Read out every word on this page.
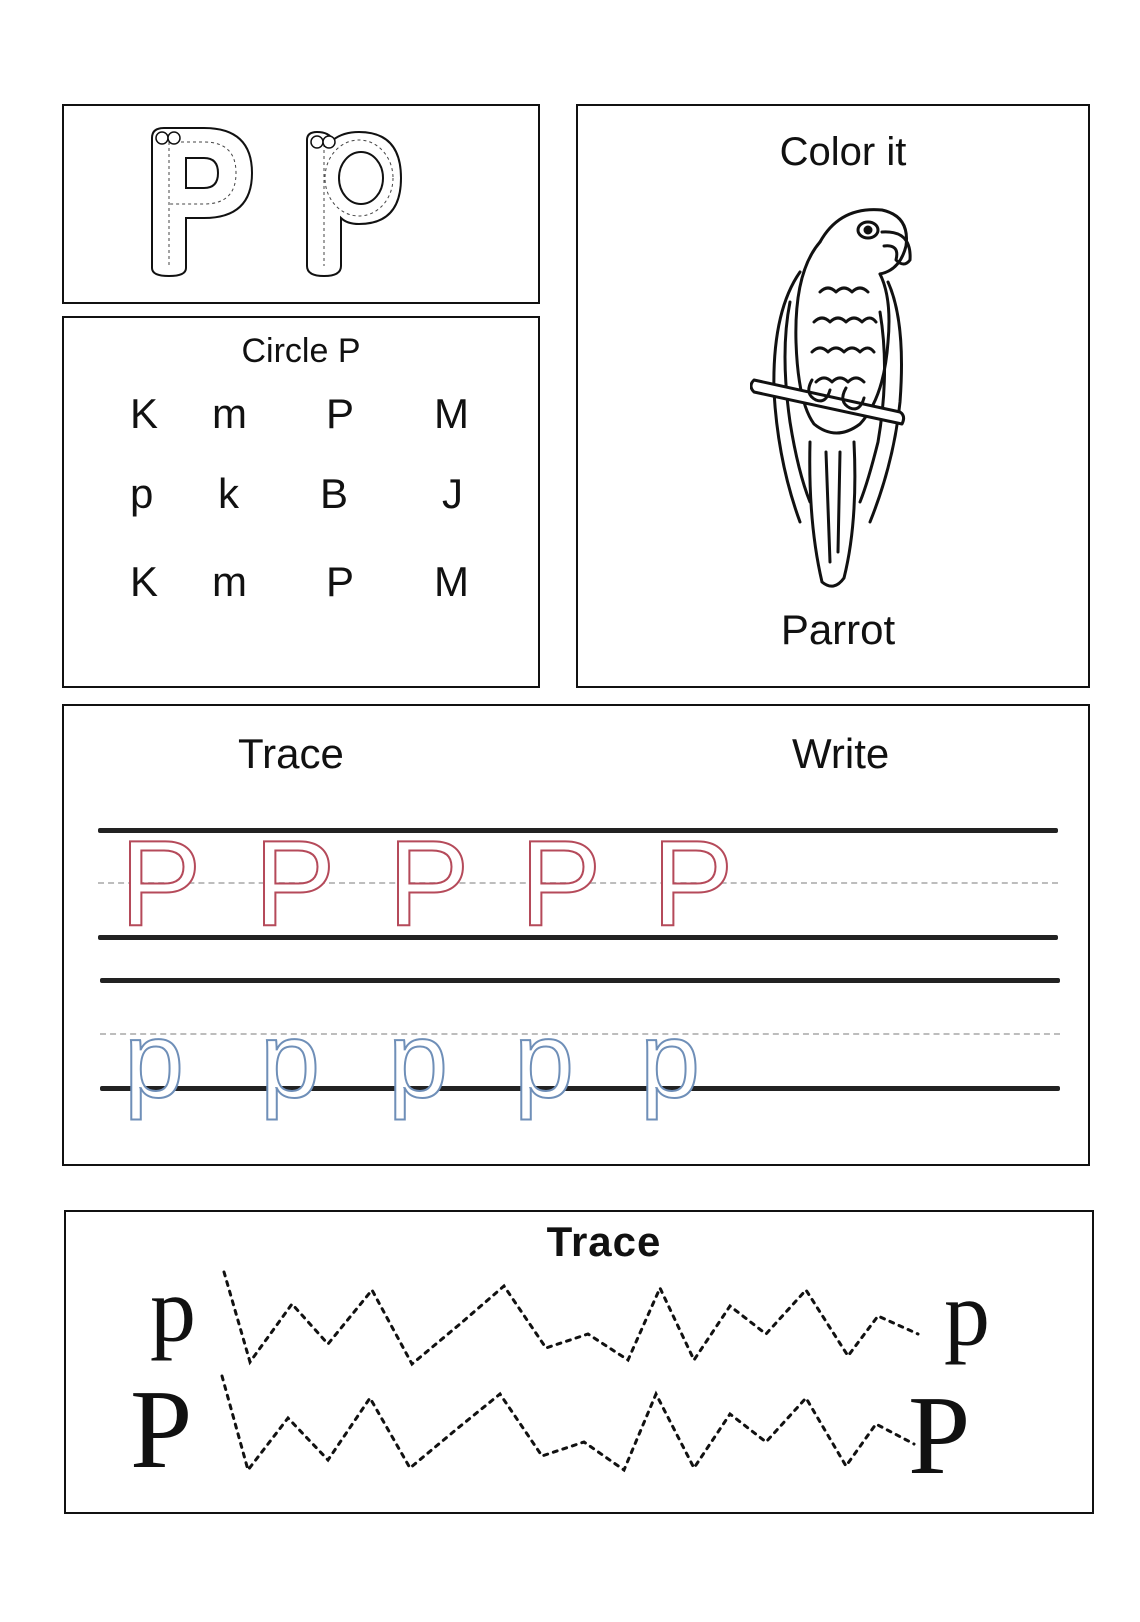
Circle P
K m P M
p k B J
K m P M
Color it
Parrot
Trace	Write
P P P P P
p p p p p
Trace
p	p
P	P
